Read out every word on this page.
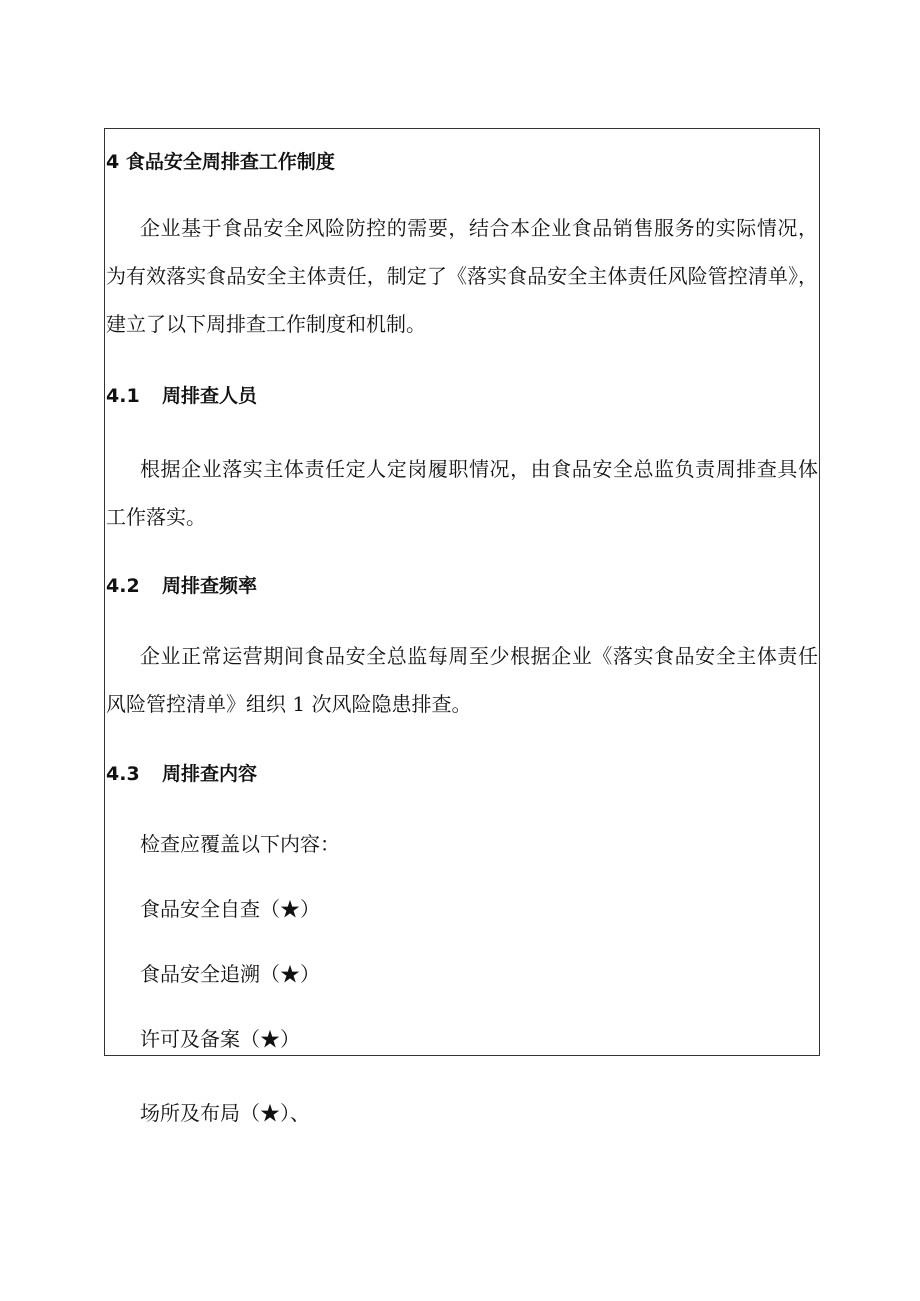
4 食品安全周排查工作制度
企业基于食品安全风险防控的需要，结合本企业食品销售服务的实际情况，为有效落实食品安全主体责任，制定了《落实食品安全主体责任风险管控清单》，建立了以下周排查工作制度和机制。
4.1 周排查人员
根据企业落实主体责任定人定岗履职情况，由食品安全总监负责周排查具体工作落实。
4.2 周排查频率
企业正常运营期间食品安全总监每周至少根据企业《落实食品安全主体责任风险管控清单》组织 1 次风险隐患排查。
4.3 周排查内容
检查应覆盖以下内容：
食品安全自查（★）
食品安全追溯（★）
许可及备案（★）
场所及布局（★）、
